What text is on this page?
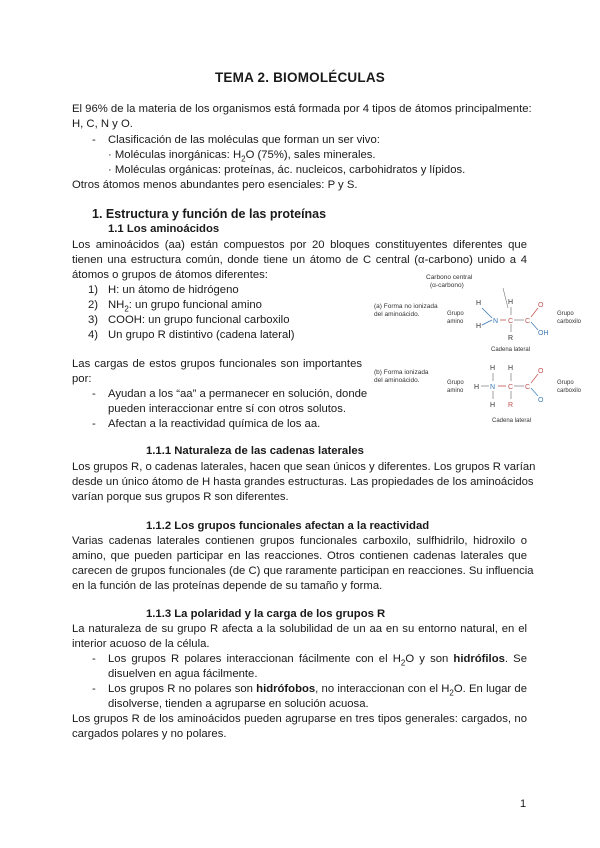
TEMA 2. BIOMOLÉCULAS
El 96% de la materia de los organismos está formada por 4 tipos de átomos principalmente:
H, C, N y O.
- Clasificación de las moléculas que forman un ser vivo:
· Moléculas inorgánicas: $H_2O$ (75%), sales minerales.
· Moléculas orgánicas: proteínas, ác. nucleicos, carbohidratos y lípidos.
Otros átomos menos abundantes pero esenciales: P y S.
1. Estructura y función de las proteínas
1.1 Los aminoácidos
Los aminoácidos (aa) están compuestos por 20 bloques constituyentes diferentes que
tienen una estructura común, donde tiene un átomo de C central (α-carbono) unido a 4
átomos o grupos de átomos diferentes:
1) H: un átomo de hidrógeno
2) $NH_2$: un grupo funcional amino
3) COOH: un grupo funcional carboxilo
4) Un grupo R distintivo (cadena lateral)
Las cargas de estos grupos funcionales son importantes
por:
- Ayudan a los “aa” a permanecer en solución, donde
pueden interaccionar entre sí con otros solutos.
- Afectan a la reactividad química de los aa.
Carbono central
(α-carbono)
(a) Forma no ionizada
del aminoácido.
H
H
N
H
C
R
C
O
OH
Grupo
amino
Grupo
carboxilo
Cadena lateral
(b) Forma ionizada
del aminoácido.
H
H N
H
H
C
R
C
O
O
Grupo
amino
Grupo
carboxilo
Cadena lateral
1.1.1 Naturaleza de las cadenas laterales
Los grupos R, o cadenas laterales, hacen que sean únicos y diferentes. Los grupos R varían
desde un único átomo de H hasta grandes estructuras. Las propiedades de los aminoácidos
varían porque sus grupos R son diferentes.
1.1.2 Los grupos funcionales afectan a la reactividad
Varias cadenas laterales contienen grupos funcionales carboxilo, sulfhidrilo, hidroxilo o
amino, que pueden participar en las reacciones. Otros contienen cadenas laterales que
carecen de grupos funcionales (de C) que raramente participan en reacciones. Su influencia
en la función de las proteínas depende de su tamaño y forma.
1.1.3 La polaridad y la carga de los grupos R
La naturaleza de su grupo R afecta a la solubilidad de un aa en su entorno natural, en el
interior acuoso de la célula.
- Los grupos R polares interaccionan fácilmente con el $H_2O$ y son hidrófilos. Se
disuelven en agua fácilmente.
- Los grupos R no polares son hidrófobos, no interaccionan con el $H_2O$. En lugar de
disolverse, tienden a agruparse en solución acuosa.
Los grupos R de los aminoácidos pueden agruparse en tres tipos generales: cargados, no
cargados polares y no polares.
1
